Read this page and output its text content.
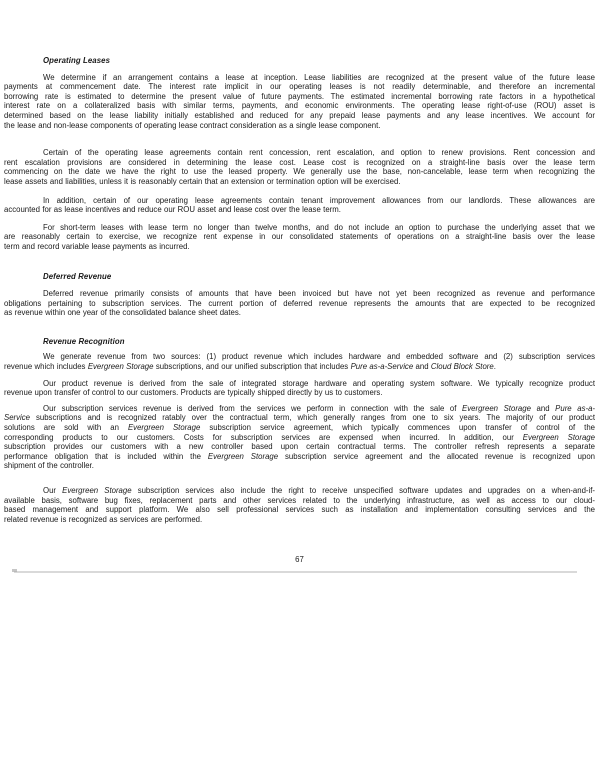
Operating Leases
We determine if an arrangement contains a lease at inception. Lease liabilities are recognized at the present value of the future lease
payments at commencement date. The interest rate implicit in our operating leases is not readily determinable, and therefore an incremental
borrowing rate is estimated to determine the present value of future payments. The estimated incremental borrowing rate factors in a hypothetical
interest rate on a collateralized basis with similar terms, payments, and economic environments. The operating lease right-of-use (ROU) asset is
determined based on the lease liability initially established and reduced for any prepaid lease payments and any lease incentives. We account for
the lease and non-lease components of operating lease contract consideration as a single lease component.
Certain of the operating lease agreements contain rent concession, rent escalation, and option to renew provisions. Rent concession and
rent escalation provisions are considered in determining the lease cost. Lease cost is recognized on a straight-line basis over the lease term
commencing on the date we have the right to use the leased property. We generally use the base, non-cancelable, lease term when recognizing the
lease assets and liabilities, unless it is reasonably certain that an extension or termination option will be exercised.
In addition, certain of our operating lease agreements contain tenant improvement allowances from our landlords. These allowances are
accounted for as lease incentives and reduce our ROU asset and lease cost over the lease term.
For short-term leases with lease term no longer than twelve months, and do not include an option to purchase the underlying asset that we
are reasonably certain to exercise, we recognize rent expense in our consolidated statements of operations on a straight-line basis over the lease
term and record variable lease payments as incurred.
Deferred Revenue
Deferred revenue primarily consists of amounts that have been invoiced but have not yet been recognized as revenue and performance
obligations pertaining to subscription services. The current portion of deferred revenue represents the amounts that are expected to be recognized
as revenue within one year of the consolidated balance sheet dates.
Revenue Recognition
We generate revenue from two sources: (1) product revenue which includes hardware and embedded software and (2) subscription services
revenue which includes Evergreen Storage subscriptions, and our unified subscription that includes Pure as-a-Service and Cloud Block Store.
Our product revenue is derived from the sale of integrated storage hardware and operating system software. We typically recognize product
revenue upon transfer of control to our customers. Products are typically shipped directly by us to customers.
Our subscription services revenue is derived from the services we perform in connection with the sale of Evergreen Storage and Pure as-a-
Service subscriptions and is recognized ratably over the contractual term, which generally ranges from one to six years. The majority of our product
solutions are sold with an Evergreen Storage subscription service agreement, which typically commences upon transfer of control of the
corresponding products to our customers. Costs for subscription services are expensed when incurred. In addition, our Evergreen Storage
subscription provides our customers with a new controller based upon certain contractual terms. The controller refresh represents a separate
performance obligation that is included within the Evergreen Storage subscription service agreement and the allocated revenue is recognized upon
shipment of the controller.
Our Evergreen Storage subscription services also include the right to receive unspecified software updates and upgrades on a when-and-if-
available basis, software bug fixes, replacement parts and other services related to the underlying infrastructure, as well as access to our cloud-
based management and support platform. We also sell professional services such as installation and implementation consulting services and the
related revenue is recognized as services are performed.
67
